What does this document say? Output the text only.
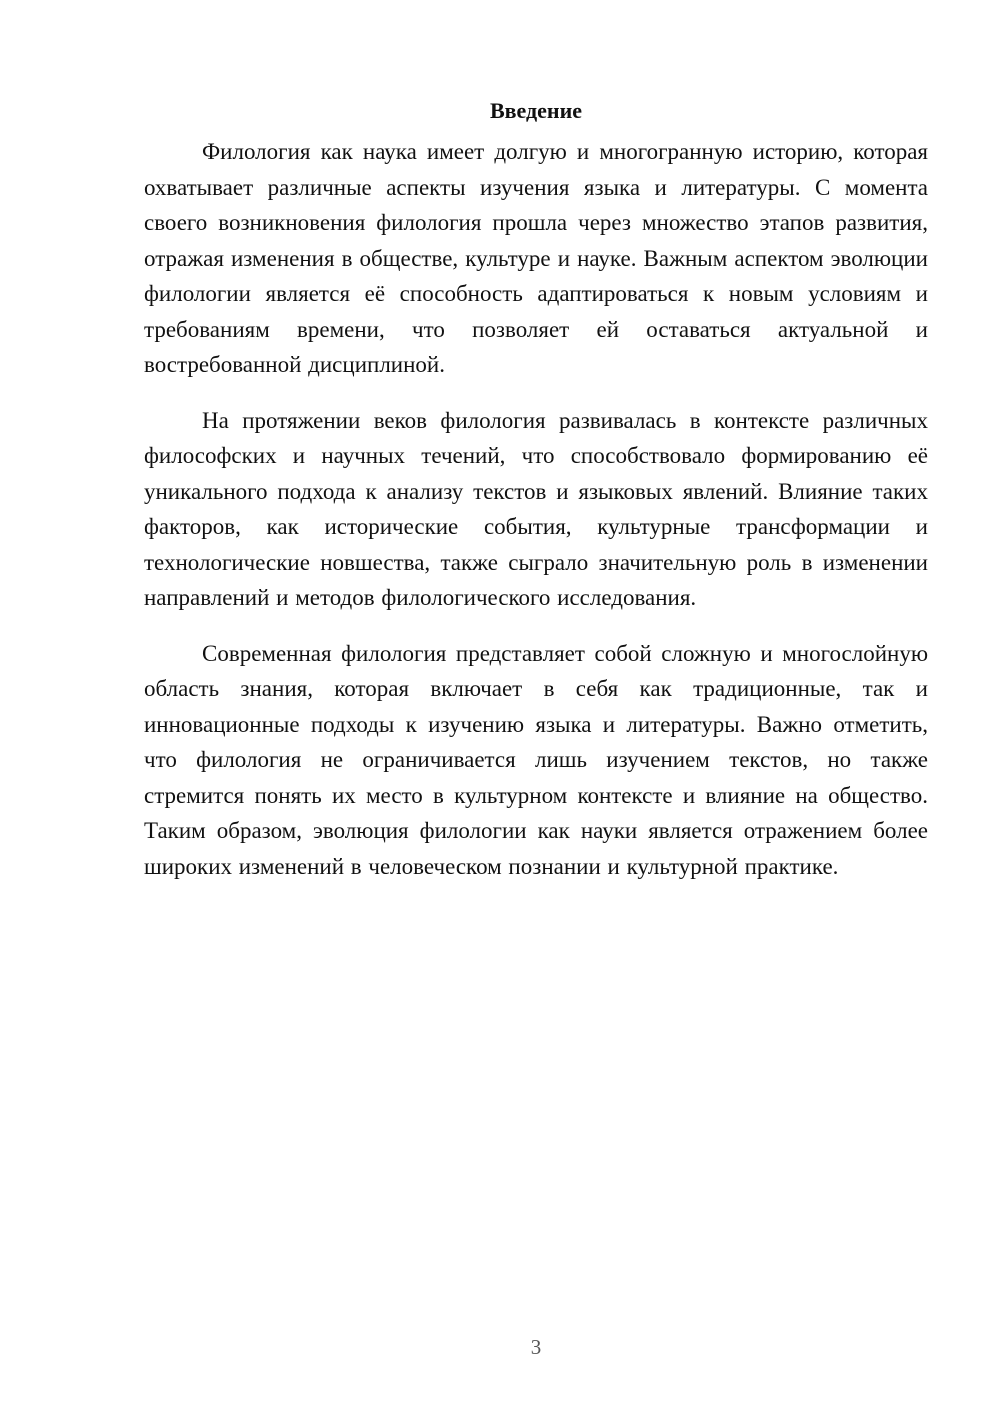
Введение

Филология как наука имеет долгую и многогранную историю, которая охватывает различные аспекты изучения языка и литературы. С момента своего возникновения филология прошла через множество этапов развития, отражая изменения в обществе, культуре и науке. Важным аспектом эволюции филологии является её способность адаптироваться к новым условиям и требованиям времени, что позволяет ей оставаться актуальной и востребованной дисциплиной.

На протяжении веков филология развивалась в контексте различных философских и научных течений, что способствовало формированию её уникального подхода к анализу текстов и языковых явлений. Влияние таких факторов, как исторические события, культурные трансформации и технологические новшества, также сыграло значительную роль в изменении направлений и методов филологического исследования.

Современная филология представляет собой сложную и многослойную область знания, которая включает в себя как традиционные, так и инновационные подходы к изучению языка и литературы. Важно отметить, что филология не ограничивается лишь изучением текстов, но также стремится понять их место в культурном контексте и влияние на общество. Таким образом, эволюция филологии как науки является отражением более широких изменений в человеческом познании и культурной практике.

3
